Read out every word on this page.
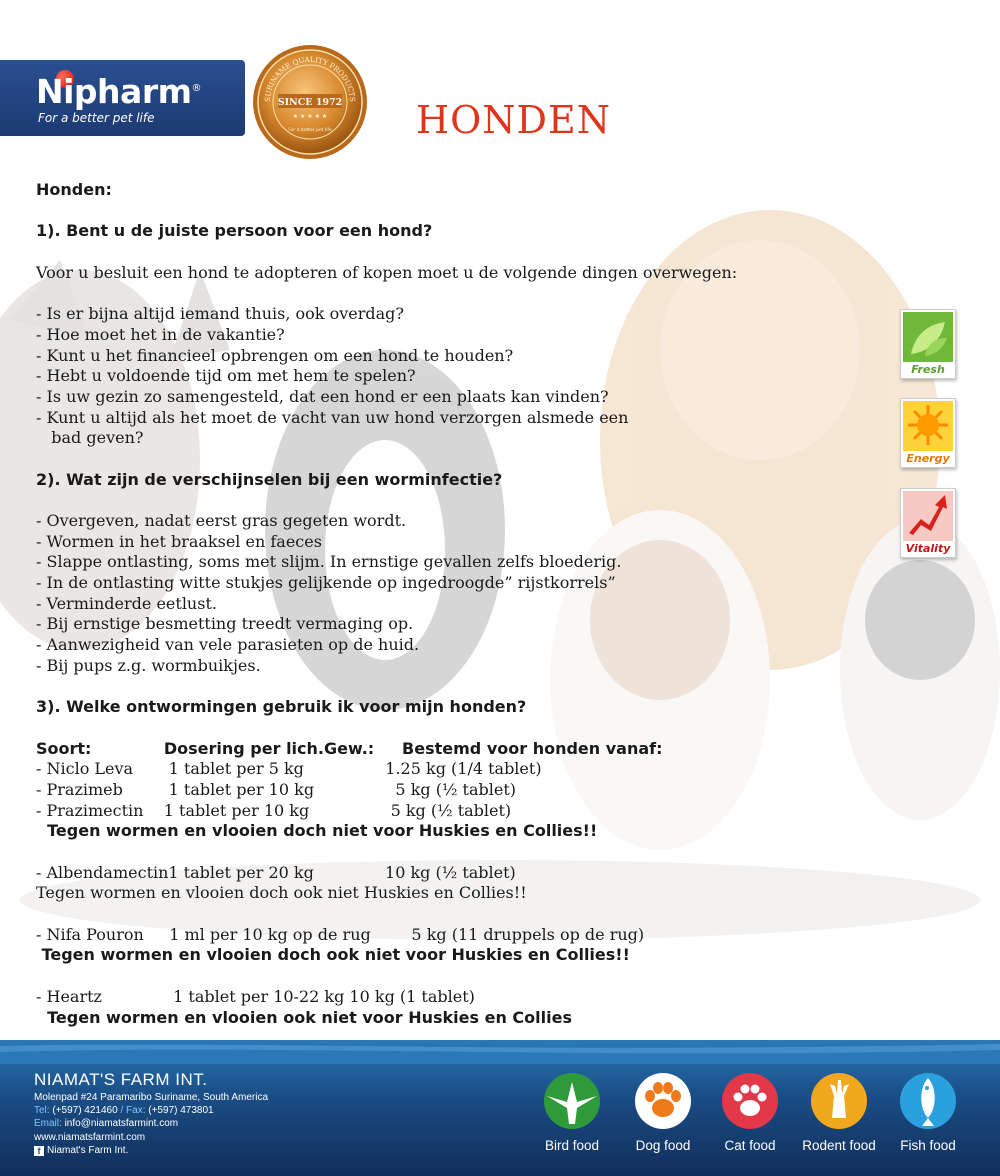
Nipharm®
For a better pet life
SURINAME QUALITY PRODUCTS
SINCE 1972
★ ★ ★ ★ ★
For a better pet life HONDEN
Honden:
1). Bent u de juiste persoon voor een hond?
Voor u besluit een hond te adopteren of kopen moet u de volgende dingen overwegen:
- Is er bijna altijd iemand thuis, ook overdag?
- Hoe moet het in de vakantie?
- Kunt u het financieel opbrengen om een hond te houden?
- Hebt u voldoende tijd om met hem te spelen?
- Is uw gezin zo samengesteld, dat een hond er een plaats kan vinden?
- Kunt u altijd als het moet de vacht van uw hond verzorgen alsmede een
bad geven?
2). Wat zijn de verschijnselen bij een worminfectie?
- Overgeven, nadat eerst gras gegeten wordt.
- Wormen in het braaksel en faeces
- Slappe ontlasting, soms met slijm. In ernstige gevallen zelfs bloederig.
- In de ontlasting witte stukjes gelijkende op ingedroogde” rijstkorrels”
- Verminderde eetlust.
- Bij ernstige besmetting treedt vermaging op.
- Aanwezigheid van vele parasieten op de huid.
- Bij pups z.g. wormbuikjes.
3). Welke ontwormingen gebruik ik voor mijn honden?
Soort:             Dosering per lich.Gew.:     Bestemd voor honden vanaf:
- Niclo Leva       1 tablet per 5 kg                1.25 kg (1/4 tablet)
- Prazimeb         1 tablet per 10 kg                5 kg (½ tablet)
- Prazimectin    1 tablet per 10 kg                5 kg (½ tablet)
Tegen wormen en vlooien doch niet voor Huskies en Collies!!
- Albendamectin1 tablet per 20 kg              10 kg (½ tablet)
Tegen wormen en vlooien doch ook niet Huskies en Collies!!
- Nifa Pouron     1 ml per 10 kg op de rug        5 kg (11 druppels op de rug)
Tegen wormen en vlooien doch ook niet voor Huskies en Collies!!
- Heartz              1 tablet per 10-22 kg 10 kg (1 tablet)
Tegen wormen en vlooien ook niet voor Huskies en Collies
Fresh
Energy
Vitality
NIAMAT'S FARM INT.
Molenpad #24 Paramaribo Suriname, South America
Tel: (+597) 421460 / Fax: (+597) 473801
Email: info@niamatsfarmint.com
www.niamatsfarmint.com
f Niamat's Farm Int.	Bird food	Dog food	Cat food	Rodent food	Fish food
